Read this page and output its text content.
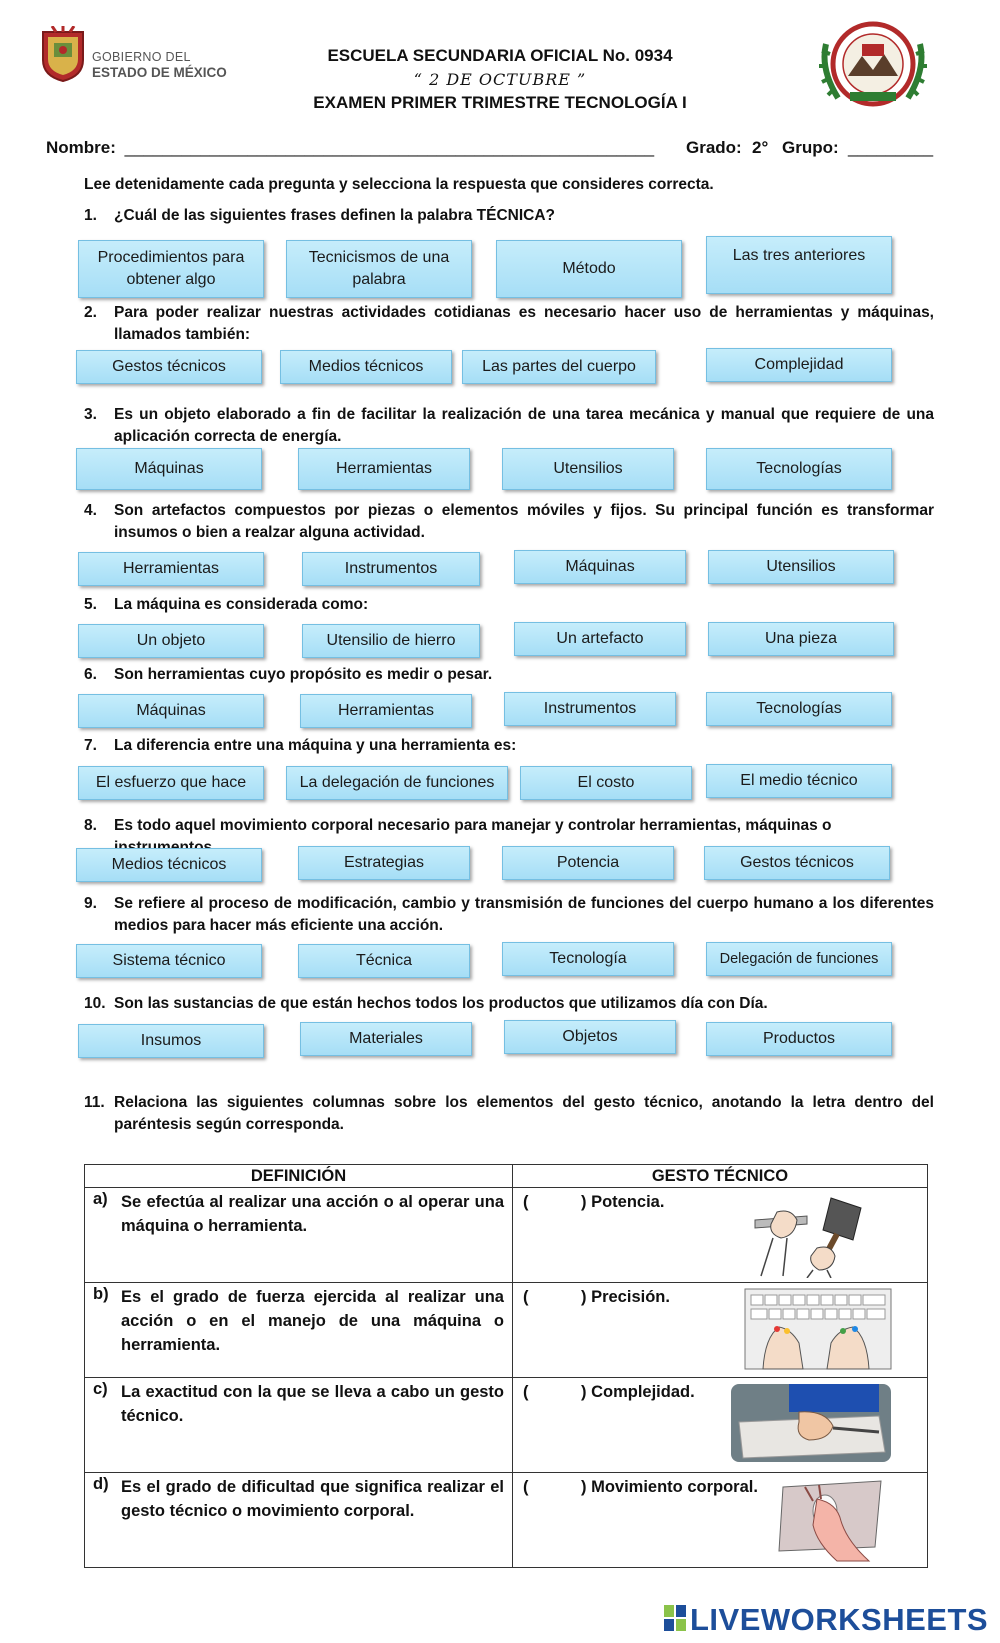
GOBIERNO DEL
ESTADO DE MÉXICO
ESCUELA SECUNDARIA OFICIAL No. 0934
“ 2 DE OCTUBRE ”
EXAMEN PRIMER TRIMESTRE TECNOLOGÍA I
Nombre: ________________________________________________________ Grado: 2° Grupo: _________
Lee detenidamente cada pregunta y selecciona la respuesta que consideres correcta.
1.	¿Cuál de las siguientes frases definen la palabra TÉCNICA?
Procedimientos para obtener algo
Tecnicismos de una palabra
Método
Las tres anteriores
2.	Para poder realizar nuestras actividades cotidianas es necesario hacer uso de herramientas y máquinas, llamados también:
Gestos técnicos	Medios técnicos	Las partes del cuerpo	Complejidad
3.	Es un objeto elaborado a fin de facilitar la realización de una tarea mecánica y manual que requiere de una aplicación correcta de energía.
Máquinas	Herramientas	Utensilios	Tecnologías
4.	Son artefactos compuestos por piezas o elementos móviles y fijos. Su principal función es transformar insumos o bien a realzar alguna actividad.
Herramientas	Instrumentos	Máquinas	Utensilios
5.	La máquina es considerada como:
Un objeto	Utensilio de hierro	Un artefacto	Una pieza
6.	Son herramientas cuyo propósito es medir o pesar.
Máquinas	Herramientas	Instrumentos	Tecnologías
7.	La diferencia entre una máquina y una herramienta es:
El esfuerzo que hace	La delegación de funciones	El costo	El medio técnico
8.	Es todo aquel movimiento corporal necesario para manejar y controlar herramientas, máquinas o
Medios técnicos	Estrategias	Potencia	Gestos técnicos
9.	Se refiere al proceso de modificación, cambio y transmisión de funciones del cuerpo humano a los diferentes medios para hacer más eficiente una acción.
Sistema técnico	Técnica	Tecnología	Delegación de funciones
10. Son las sustancias de que están hechos todos los productos que utilizamos día con Día.
Insumos	Materiales	Objetos	Productos
11. Relaciona las siguientes columnas sobre los elementos del gesto técnico, anotando la letra dentro del paréntesis según corresponda.
DEFINICIÓN	GESTO TÉCNICO

a) Se efectúa al realizar una acción o al operar una máquina o herramienta.	( ) Potencia.

b) Es el grado de fuerza ejercida al realizar una acción o en el manejo de una máquina o herramienta.	( ) Precisión.

c) La exactitud con la que se lleva a cabo un gesto técnico.	( ) Complejidad.

d) Es el grado de dificultad que significa realizar el gesto técnico o movimiento corporal.	( ) Movimiento corporal.
LIVEWORKSHEETS
